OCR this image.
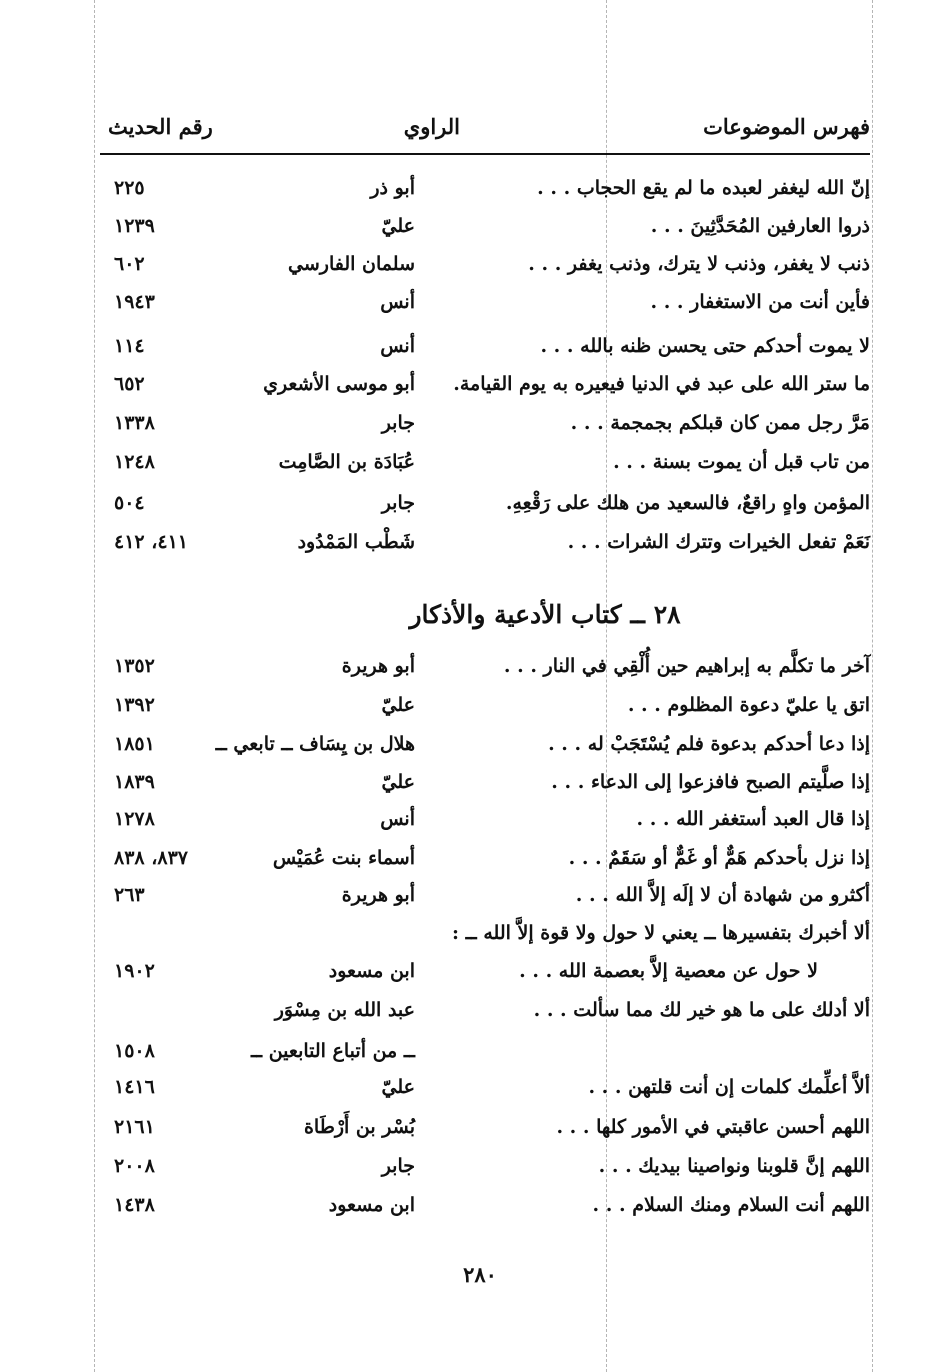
فهرس الموضوعات
الراوي
رقم الحديث
إنّ الله ليغفر لعبده ما لم يقع الحجاب . . .
أبو ذر
٢٢٥
ذروا العارفين المُحَدَّثِينَ . . .
عليّ
١٢٣٩
ذنب لا يغفر، وذنب لا يترك، وذنب يغفر . . .
سلمان الفارسي
٦٠٢
فأين أنت من الاستغفار . . .
أنس
١٩٤٣
لا يموت أحدكم حتى يحسن ظنه بالله . . .
أنس
١١٤
ما ستر الله على عبد في الدنيا فيعيره به يوم القيامة.
أبو موسى الأشعري
٦٥٢
مَرَّ رجل ممن كان قبلكم بجمجمة . . .
جابر
١٣٣٨
من تاب قبل أن يموت بسنة . . .
عُبَادَة بن الصَّامِت
١٢٤٨
المؤمن واهٍ راقعٌ، فالسعيد من هلك على رَقْعِهِ.
جابر
٥٠٤
نَعَمْ تفعل الخيرات وتترك الشرات . . .
شَطْب المَمْدُود
٤١١، ٤١٢
٢٨ ــ كتاب الأدعية والأذكار
آخر ما تكلَّم به إبراهيم حين أُلْقِي في النار . . .
أبو هريرة
١٣٥٢
اتق يا عليّ دعوة المظلوم . . .
عليّ
١٣٩٢
إذا دعا أحدكم بدعوة فلم يُسْتَجَبْ له . . .
هلال بن يِسَاف ــ تابعي ــ
١٨٥١
إذا صلَّيتم الصبح فافزعوا إلى الدعاء . . .
عليّ
١٨٣٩
إذا قال العبد أستغفر الله . . .
أنس
١٢٧٨
إذا نزل بأحدكم هَمٌّ أو غَمٌّ أو سَقَمٌ . . .
أسماء بنت عُمَيْس
٨٣٧، ٨٣٨
أكثرو من شهادة أن لا إلَه إلاَّ الله . . .
أبو هريرة
٢٦٣
ألا أخبرك بتفسيرها ــ يعني لا حول ولا قوة إلاَّ الله ــ :
لا حول عن معصية إلاَّ بعصمة الله . . .
ابن مسعود
١٩٠٢
ألا أدلك على ما هو خير لك مما سألت . . .
عبد الله بن مِسْوَر
ــ من أتباع التابعين ــ
١٥٠٨
ألاَّ أعلِّمك كلمات إن أنت قلتهن . . .
عليّ
١٤١٦
اللهم أحسن عاقبتي في الأمور كلها . . .
بُسْر بن أَرْطَاة
٢١٦١
اللهم إنَّ قلوبنا ونواصينا بيديك . . .
جابر
٢٠٠٨
اللهم أنت السلام ومنك السلام . . .
ابن مسعود
١٤٣٨
٢٨٠
